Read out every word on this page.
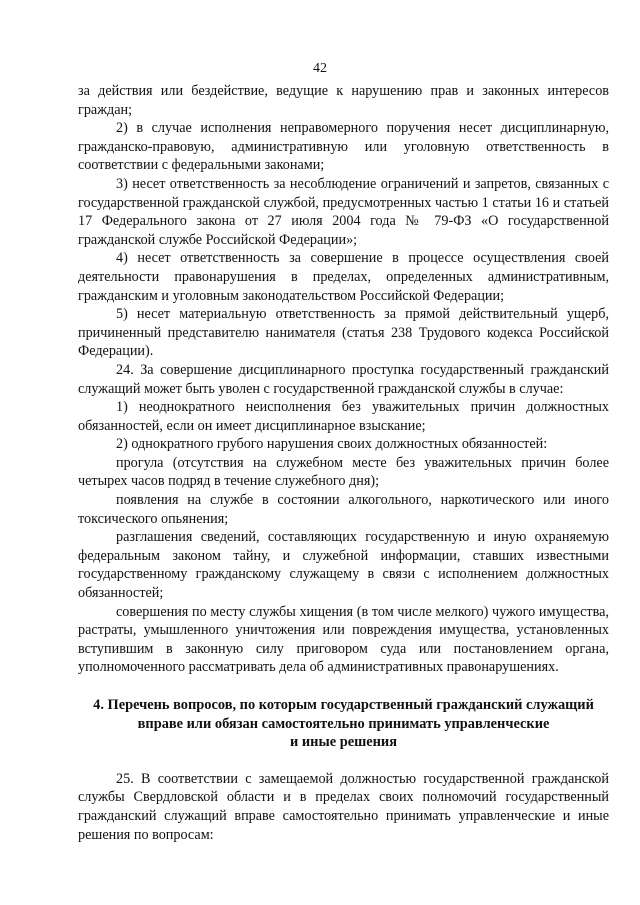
42

за действия или бездействие, ведущие к нарушению прав и законных интересов граждан;

2) в случае исполнения неправомерного поручения несет дисциплинарную, гражданско-правовую, административную или уголовную ответственность в соответствии с федеральными законами;

3) несет ответственность за несоблюдение ограничений и запретов, связанных с государственной гражданской службой, предусмотренных частью 1 статьи 16 и статьей 17 Федерального закона от 27 июля 2004 года № 79-ФЗ «О государственной гражданской службе Российской Федерации»;

4) несет ответственность за совершение в процессе осуществления своей деятельности правонарушения в пределах, определенных административным, гражданским и уголовным законодательством Российской Федерации;

5) несет материальную ответственность за прямой действительный ущерб, причиненный представителю нанимателя (статья 238 Трудового кодекса Российской Федерации).

24. За совершение дисциплинарного проступка государственный гражданский служащий может быть уволен с государственной гражданской службы в случае:

1) неоднократного неисполнения без уважительных причин должностных обязанностей, если он имеет дисциплинарное взыскание;

2) однократного грубого нарушения своих должностных обязанностей:

прогула (отсутствия на служебном месте без уважительных причин более четырех часов подряд в течение служебного дня);

появления на службе в состоянии алкогольного, наркотического или иного токсического опьянения;

разглашения сведений, составляющих государственную и иную охраняемую федеральным законом тайну, и служебной информации, ставших известными государственному гражданскому служащему в связи с исполнением должностных обязанностей;

совершения по месту службы хищения (в том числе мелкого) чужого имущества, растраты, умышленного уничтожения или повреждения имущества, установленных вступившим в законную силу приговором суда или постановлением органа, уполномоченного рассматривать дела об административных правонарушениях.

4. Перечень вопросов, по которым государственный гражданский служащий
вправе или обязан самостоятельно принимать управленческие
и иные решения

25. В соответствии с замещаемой должностью государственной гражданской службы Свердловской области и в пределах своих полномочий государственный гражданский служащий вправе самостоятельно принимать управленческие и иные решения по вопросам:
